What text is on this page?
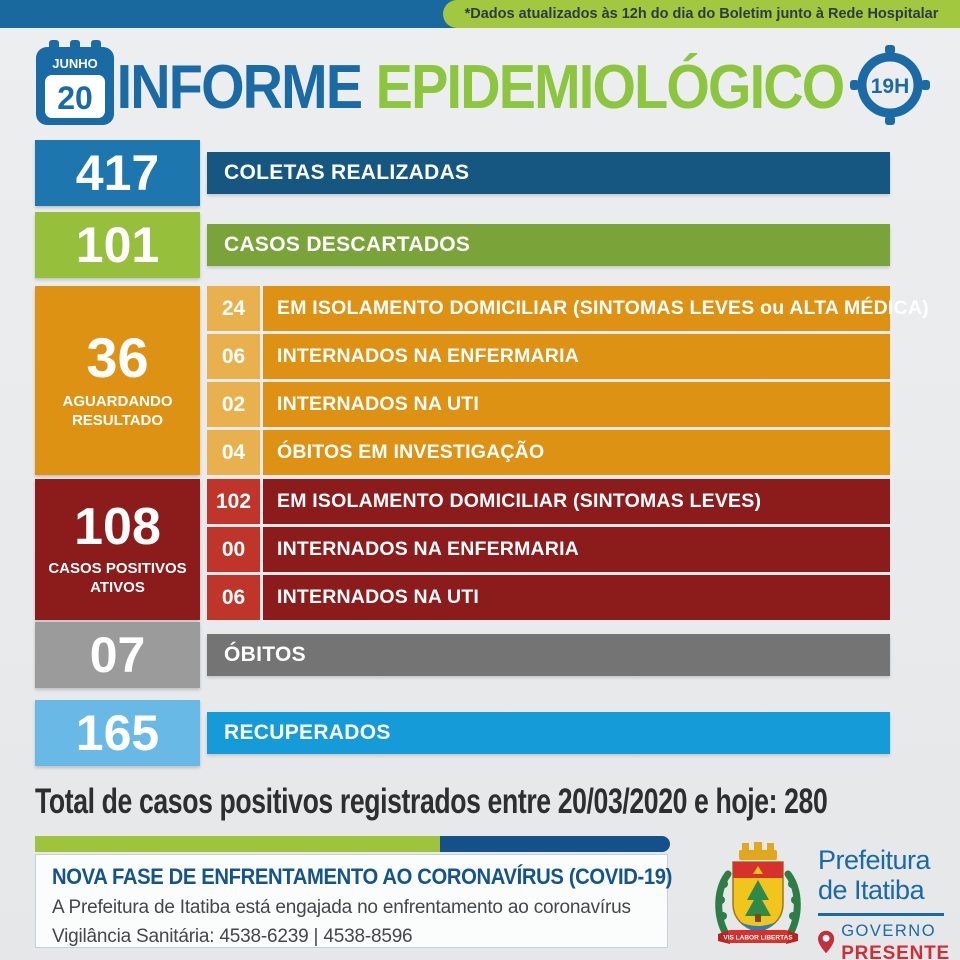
*Dados atualizados às 12h do dia do Boletim junto à Rede Hospitalar
JUNHO
20 INFORME EPIDEMIOLÓGICO 19H
417	COLETAS REALIZADAS
101	CASOS DESCARTADOS
36
AGUARDANDO RESULTADO
24	EM ISOLAMENTO DOMICILIAR (SINTOMAS LEVES ou ALTA MÉDICA)
06	INTERNADOS NA ENFERMARIA
02	INTERNADOS NA UTI
04	ÓBITOS EM INVESTIGAÇÃO
108
CASOS POSITIVOS ATIVOS
102	EM ISOLAMENTO DOMICILIAR (SINTOMAS LEVES)
00	INTERNADOS NA ENFERMARIA
06	INTERNADOS NA UTI
07	ÓBITOS
165	RECUPERADOS
Total de casos positivos registrados entre 20/03/2020 e hoje: 280
NOVA FASE DE ENFRENTAMENTO AO CORONAVÍRUS (COVID-19)
A Prefeitura de Itatiba está engajada no enfrentamento ao coronavírus
Vigilância Sanitária: 4538-6239 | 4538-8596	VIS LABOR LIBERTAS
Prefeitura
de Itatiba
GOVERNO
PRESENTE
